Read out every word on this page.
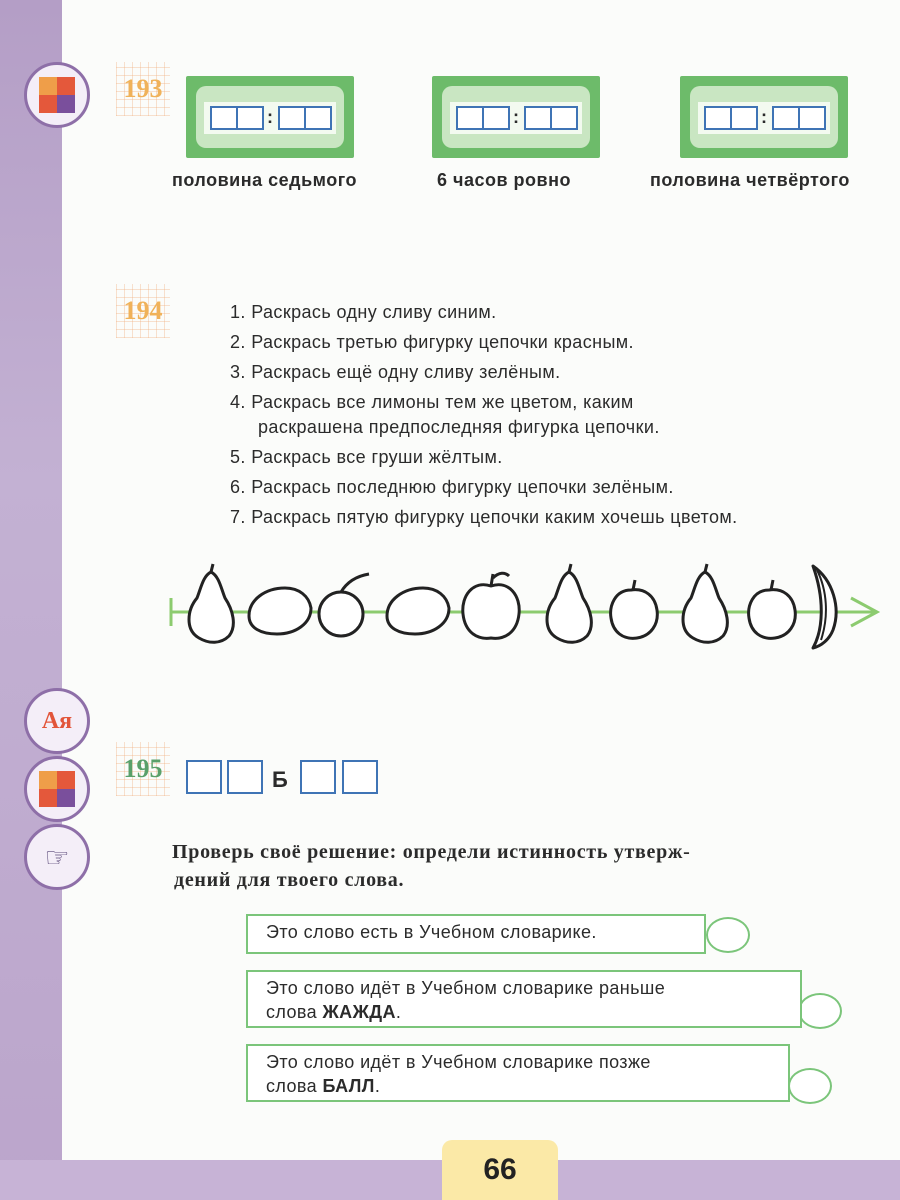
Ая
☞
193
:	:	:
половина седьмого	6 часов ровно	половина четвёртого
194	1. Раскрась одну сливу синим.
2. Раскрась третью фигурку цепочки красным.
3. Раскрась ещё одну сливу зелёным.
4. Раскрась все лимоны тем же цветом, каким
раскрашена предпоследняя фигурка цепочки.
5. Раскрась все груши жёлтым.
6. Раскрась последнюю фигурку цепочки зелёным.
7. Раскрась пятую фигурку цепочки каким хочешь цветом.
195	Б
Проверь своё решение: определи истинность утверж-
дений для твоего слова.
Это слово есть в Учебном словарике.
Это слово идёт в Учебном словарике раньше
слова ЖАЖДА.
Это слово идёт в Учебном словарике позже
слова БАЛЛ.
66
